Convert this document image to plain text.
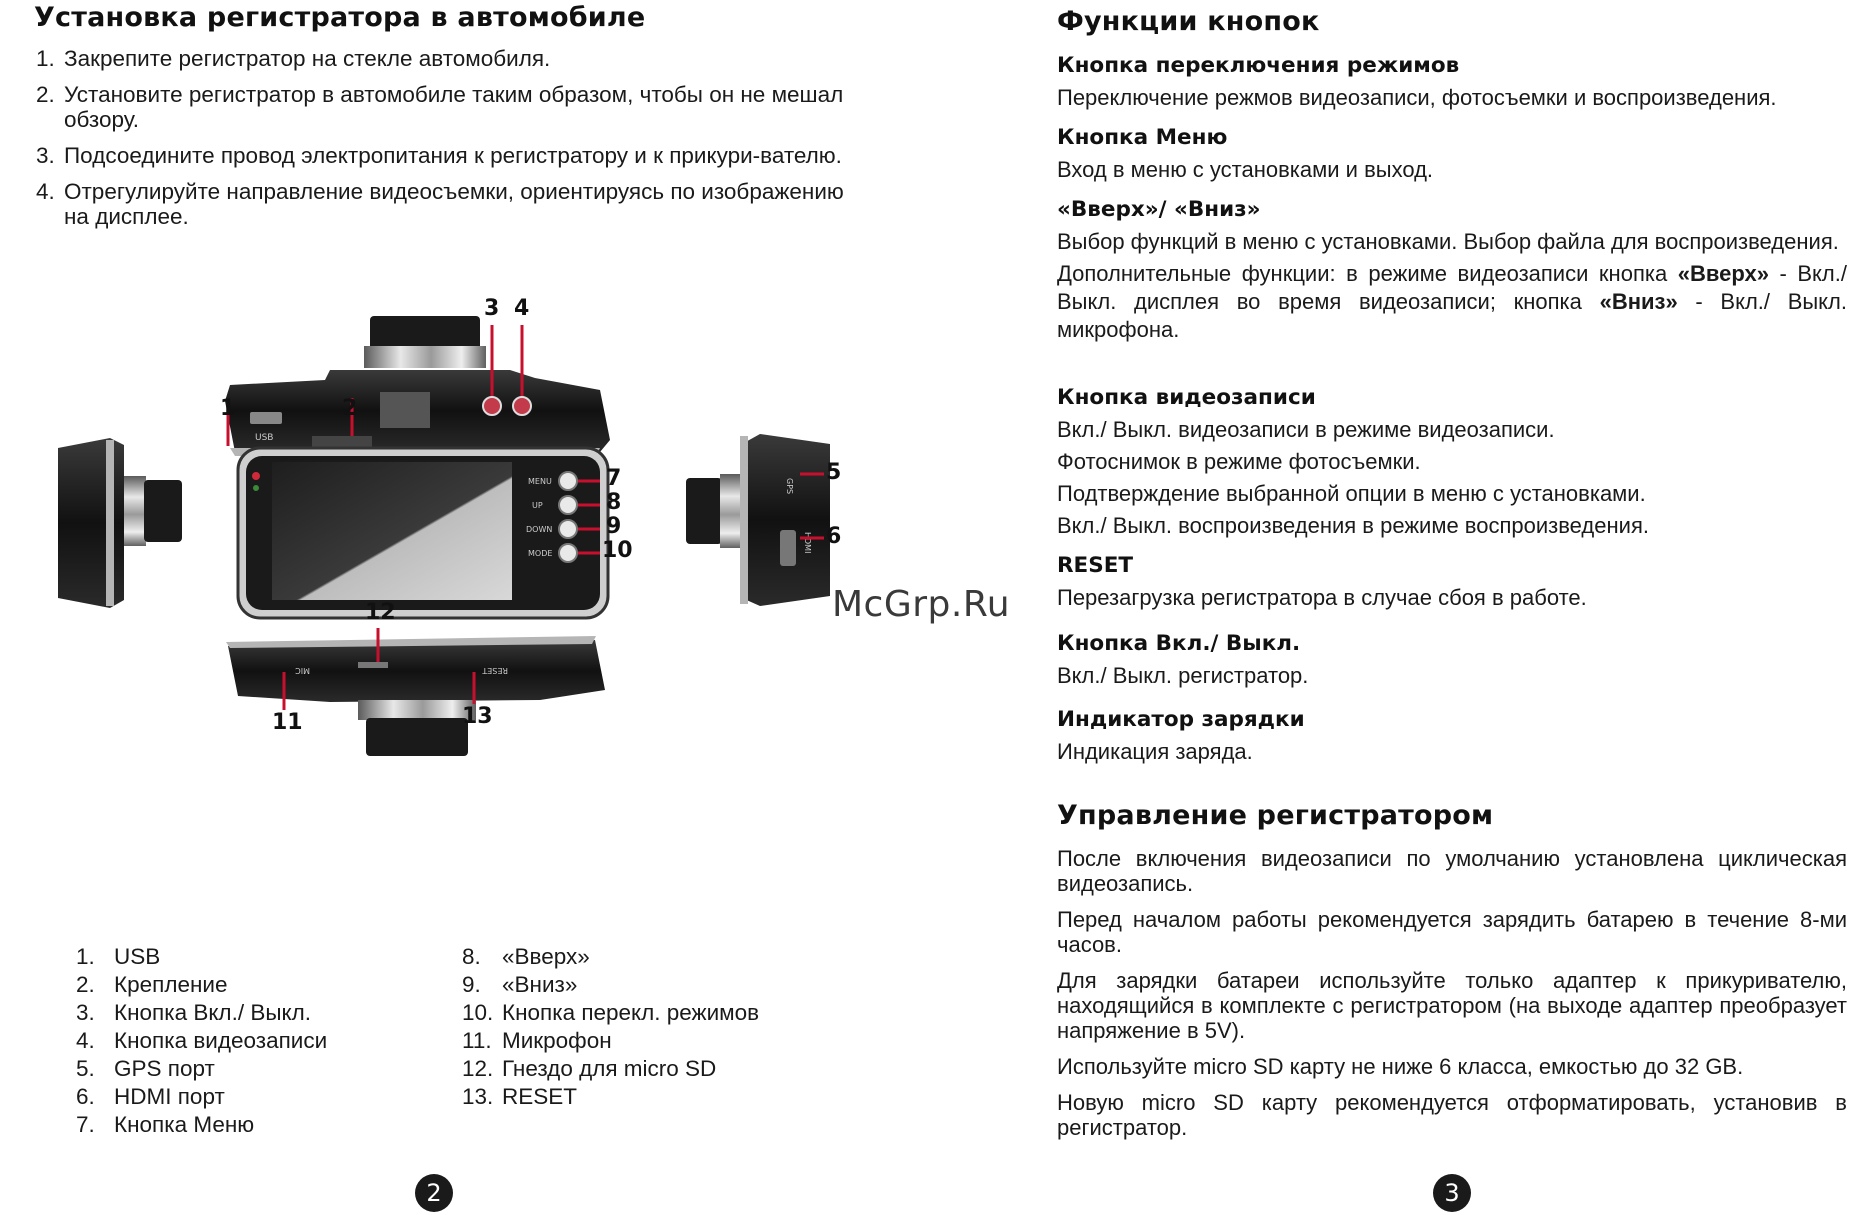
Установка регистратора в автомобиле
1. Закрепите регистратор на стекле автомобиля.
2. Установите регистратор в автомобиле таким образом, чтобы он не мешал обзору.
3. Подсоедините провод электропитания к регистратору и к прикури-вателю.
4. Отрегулируйте направление видеосъемки, ориентируясь по изображению на дисплее.
USB
MENU
UP
DOWN
MODE
GPS
HDMI
MIC	RESET
1	2
3 4
5
6
7
8
9
10
11
12
13
1. USB
2. Крепление
3. Кнопка Вкл./ Выкл.
4. Кнопка видеозаписи
5. GPS порт
6. HDMI порт
7. Кнопка Меню
8. «Вверх»
9. «Вниз»
10. Кнопка перекл. режимов
11. Микрофон
12. Гнездо для micro SD
13. RESET
2
McGrp.Ru
Функции кнопок
Кнопка переключения режимов
Переключение режмов видеозаписи, фотосъемки и воспроизведения.
Кнопка Меню
Вход в меню с установками и выход.
«Вверх»/ «Вниз»
Выбор функций в меню с установками. Выбор файла для воспроизведения.
Дополнительные функции: в режиме видеозаписи кнопка «Вверх» - Вкл./ Выкл. дисплея во время видеозаписи; кнопка «Вниз» - Вкл./ Выкл. микрофона.
Кнопка видеозаписи
Вкл./ Выкл. видеозаписи в режиме видеозаписи.
Фотоснимок в режиме фотосъемки.
Подтверждение выбранной опции в меню с установками.
Вкл./ Выкл. воспроизведения в режиме воспроизведения.
RESET
Перезагрузка регистратора в случае сбоя в работе.
Кнопка Вкл./ Выкл.
Вкл./ Выкл. регистратор.
Индикатор зарядки
Индикация заряда.
Управление регистратором

После включения видеозаписи по умолчанию установлена циклическая видеозапись.

Перед началом работы рекомендуется зарядить батарею в течение 8-ми часов.

Для зарядки батареи используйте только адаптер к прикуривателю, находящийся в комплекте с регистратором (на выходе адаптер преобразует напряжение в 5V).

Используйте micro SD карту не ниже 6 класса, емкостью до 32 GB.

Новую micro SD карту рекомендуется отформатировать, установив в регистратор.

3
